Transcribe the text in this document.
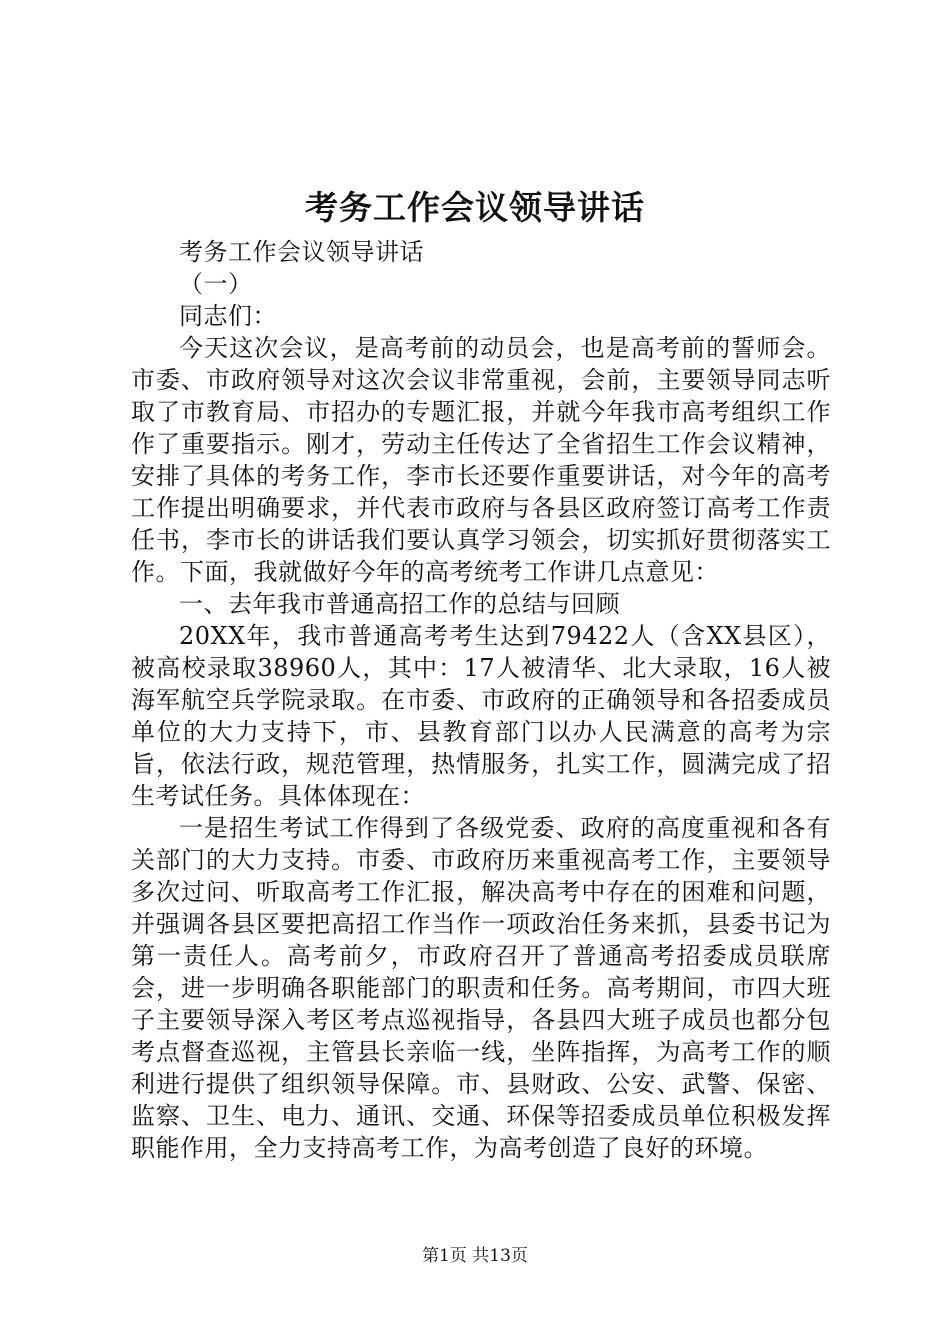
考务工作会议领导讲话

考务工作会议领导讲话

（一）

同志们：

今天这次会议，是高考前的动员会，也是高考前的誓师会。市委、市政府领导对这次会议非常重视，会前，主要领导同志听取了市教育局、市招办的专题汇报，并就今年我市高考组织工作作了重要指示。刚才，劳动主任传达了全省招生工作会议精神，安排了具体的考务工作，李市长还要作重要讲话，对今年的高考工作提出明确要求，并代表市政府与各县区政府签订高考工作责任书，李市长的讲话我们要认真学习领会，切实抓好贯彻落实工作。下面，我就做好今年的高考统考工作讲几点意见：

一、去年我市普通高招工作的总结与回顾

20XX年，我市普通高考考生达到79422人（含XX县区），被高校录取38960人，其中：17人被清华、北大录取，16人被海军航空兵学院录取。在市委、市政府的正确领导和各招委成员单位的大力支持下，市、县教育部门以办人民满意的高考为宗旨，依法行政，规范管理，热情服务，扎实工作，圆满完成了招生考试任务。具体体现在：

一是招生考试工作得到了各级党委、政府的高度重视和各有关部门的大力支持。市委、市政府历来重视高考工作，主要领导多次过问、听取高考工作汇报，解决高考中存在的困难和问题，并强调各县区要把高招工作当作一项政治任务来抓，县委书记为第一责任人。高考前夕，市政府召开了普通高考招委成员联席会，进一步明确各职能部门的职责和任务。高考期间，市四大班子主要领导深入考区考点巡视指导，各县四大班子成员也都分包考点督查巡视，主管县长亲临一线，坐阵指挥，为高考工作的顺利进行提供了组织领导保障。市、县财政、公安、武警、保密、监察、卫生、电力、通讯、交通、环保等招委成员单位积极发挥职能作用，全力支持高考工作，为高考创造了良好的环境。

第1页 共13页
